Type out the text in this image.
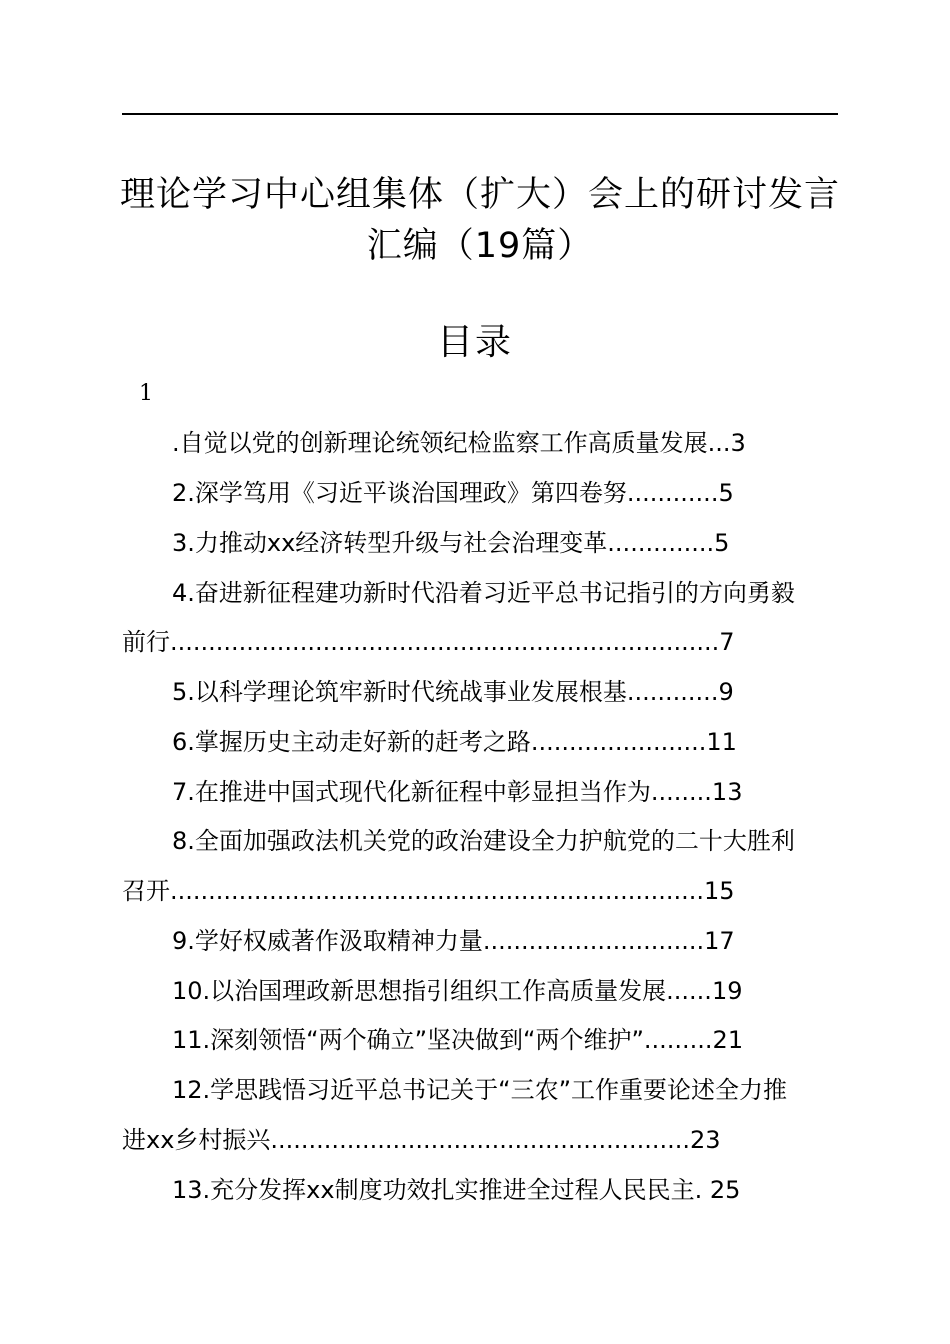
理论学习中心组集体（扩大）会上的研讨发言
汇编（19篇）
目录
1
.自觉以党的创新理论统领纪检监察工作高质量发展...3
2.深学笃用《习近平谈治国理政》第四卷努............5
3.力推动xx经济转型升级与社会治理变革..............5
4.奋进新征程建功新时代沿着习近平总书记指引的方向勇毅
前行........................................................................7
5.以科学理论筑牢新时代统战事业发展根基............9
6.掌握历史主动走好新的赶考之路.......................11
7.在推进中国式现代化新征程中彰显担当作为........13
8.全面加强政法机关党的政治建设全力护航党的二十大胜利
召开......................................................................15
9.学好权威著作汲取精神力量.............................17
10.以治国理政新思想指引组织工作高质量发展......19
11.深刻领悟“两个确立”坚决做到“两个维护”.........21
12.学思践悟习近平总书记关于“三农”工作重要论述全力推
进xx乡村振兴.......................................................23
13.充分发挥xx制度功效扎实推进全过程人民民主. 25
